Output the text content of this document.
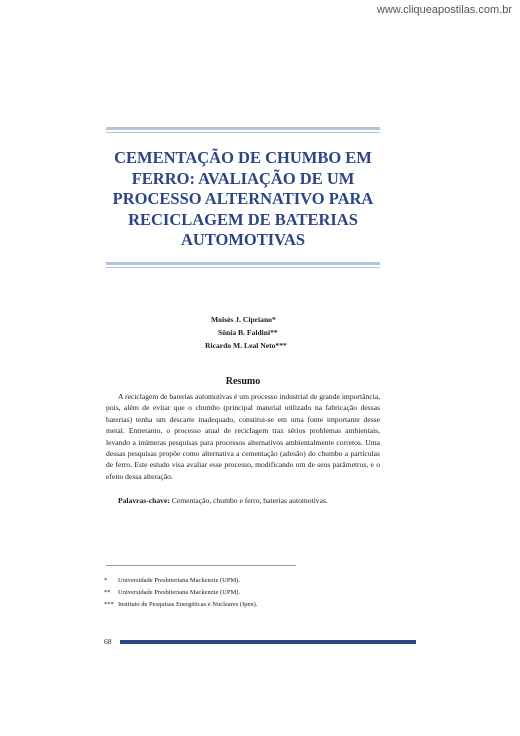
www.cliqueapostilas.com.br
CEMENTAÇÃO DE CHUMBO EM
FERRO: AVALIAÇÃO DE UM
PROCESSO ALTERNATIVO PARA
RECICLAGEM DE BATERIAS
AUTOMOTIVAS
Moisés J. Cipriano*
Sônia B. Faldini**
Ricardo M. Leal Neto***
Resumo

A reciclagem de baterias automotivas é um processo industrial de grande importância, pois, além de evitar que o chumbo (principal material utilizado na fabricação dessas baterias) tenha um descarte inadequado, constitui-se em uma fonte importante desse metal. Entretanto, o processo atual de reciclagem traz sérios problemas ambientais, levando a inúmeras pesquisas para processos alternativos ambientalmente corretos. Uma dessas pesquisas propõe como alternativa a cementação (adesão) do chumbo a partículas de ferro. Este estudo visa avaliar esse processo, modificando um de seus parâmetros, e o efeito dessa alteração.

Palavras-chave: Cementação, chumbo e ferro, baterias automotivas.

*	Universidade Presbiteriana Mackenzie (UPM).
**	Universidade Presbiteriana Mackenzie (UPM).
*** Instituto de Pesquisas Energéticas e Nucleares (Ipen).
68
